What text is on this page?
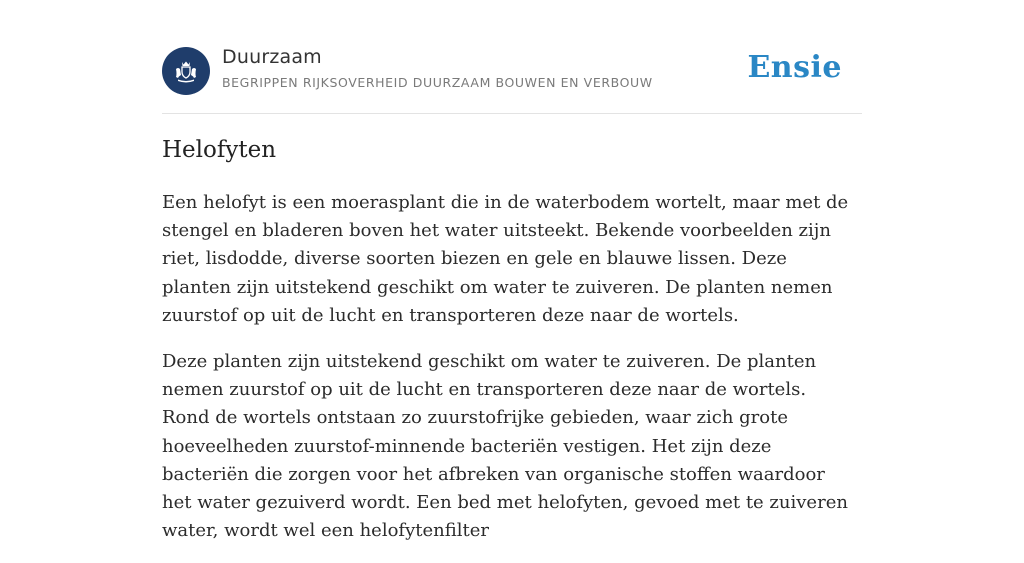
Duurzaam
BEGRIPPEN RIJKSOVERHEID DUURZAAM BOUWEN EN VERBOUW	Ensie
Helofyten

Een helofyt is een moerasplant die in de waterbodem wortelt, maar met de stengel en bladeren boven het water uitsteekt. Bekende voorbeelden zijn riet, lisdodde, diverse soorten biezen en gele en blauwe lissen. Deze planten zijn uitstekend geschikt om water te zuiveren. De planten nemen zuurstof op uit de lucht en transporteren deze naar de wortels.

Deze planten zijn uitstekend geschikt om water te zuiveren. De planten nemen zuurstof op uit de lucht en transporteren deze naar de wortels. Rond de wortels ontstaan zo zuurstofrijke gebieden, waar zich grote hoeveelheden zuurstof-minnende bacteriën vestigen. Het zijn deze bacteriën die zorgen voor het afbreken van organische stoffen waardoor het water gezuiverd wordt. Een bed met helofyten, gevoed met te zuiveren water, wordt wel een helofytenfilter
